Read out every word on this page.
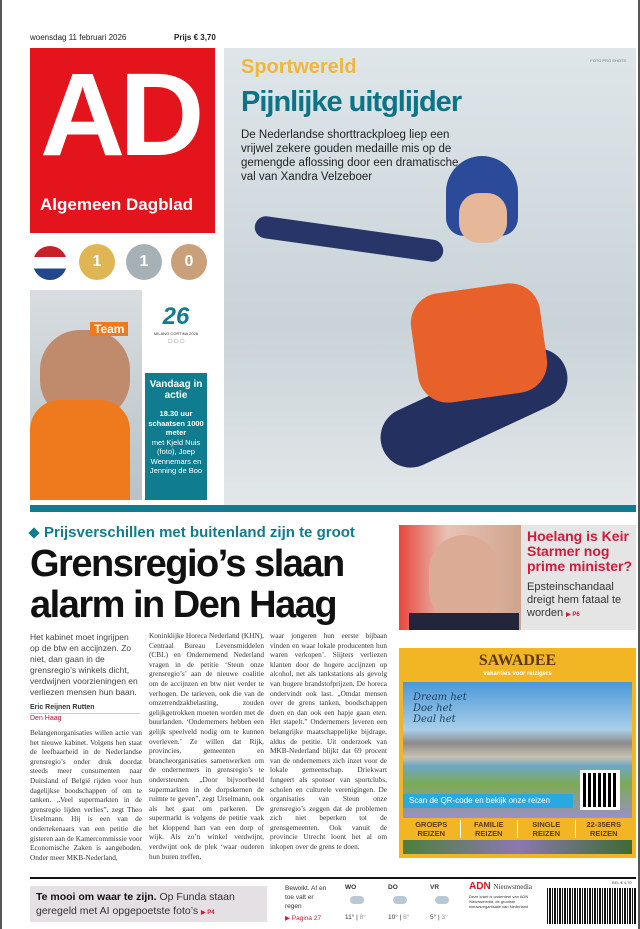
woensdag 11 februari 2026	Prijs € 3,70
AD
Algemeen Dagblad
Sportwereld
Pijnlijke uitglijder
De Nederlandse shorttrackploeg liep een vrijwel zekere gouden medaille mis op de gemengde aflossing door een dramatische val van Xandra Velzeboer
FOTO PRO SHOTS
1	1	0
Team	26
MILANO CORTINA 2026
○○○
Vandaag in actie
18.30 uur
schaatsen 1000 meter
met Kjeld Nuis (foto), Joep Wennemars en Jenning de Boo
Prijsverschillen met buitenland zijn te groot
Grensregio’s slaan alarm in Den Haag
Het kabinet moet ingrijpen op de btw en accijnzen. Zo niet, dan gaan in de grensregio’s winkels dicht, verdwijnen voorzieningen en verliezen mensen hun baan.
Eric Reijnen Rutten
Den Haag
Belangenorganisaties willen actie van het nieuwe kabinet. Volgens hen staat de leefbaarheid in de Nederlandse grensregio’s onder druk doordat steeds meer consumenten naar Duitsland of België rijden voor hun dagelijkse boodschappen of om te tanken. „Veel supermarkten in de grensregio lijden verlies”, zegt Theo Urselmann. Hij is een van de ondertekenaars van een petitie die gisteren aan de Kamercommissie voor Economische Zaken is aangeboden. Onder meer MKB-Nederland,
Koninklijke Horeca Nederland (KHN), Centraal Bureau Levensmiddelen (CBL) en Ondernemend Nederland vragen in de petitie ‘Steun onze grensregio’s’ aan de nieuwe coalitie om de accijnzen en btw niet verder te verhogen. De tarieven, ook die van de omzetrendzakbelasting, zouden gelijkgetrokken moeten worden met de buurlanden. ‘Ondernemers hebben een gelijk speelveld nodig om te kunnen overleven.’ Ze willen dat Rijk, provincies, gemeenten en brancheorganisaties samenwerken om de ondernemers in grensregio’s te ondersteunen. „Door bijvoorbeeld supermarkten in de dorpskernen de ruimte te geven”, zegt Urselmann, ook als het gaat om parkeren. De supermarkt is volgens de petitie vaak het kloppend hart van een dorp of wijk. Als zo’n winkel verdwijnt, verdwijnt ook de plek ‘waar ouderen hun buren treffen,
waar jongeren hun eerste bijbaan vinden en waar lokale producenten hun waren verkopen’. Slijters verliezen klanten door de hogere accijnzen op alcohol, net als tankstations als gevolg van hogere brandstofprijzen. De horeca ondervindt ook last. „Omdat mensen over de grens tanken, boodschappen doen en dan ook een hapje gaan eten. Het stapelt.” Ondernemers leveren een belangrijke maatschappelijke bijdrage, aldus de petitie. Uit onderzoek van MKB-Nederland blijkt dat 69 procent van de ondernemers zich inzet voor de lokale gemeenschap. Driekwart fungeert als sponsor van sportclubs, scholen en culturele verenigingen. De organisaties van Steun onze grensregio’s zeggen dat de problemen zich niet beperken tot de grensgemeenten. Ook vanuit de provincie Utrecht loont het al om inkopen over de grens te doen.
Hoelang is Keir Starmer nog prime minister?
Epsteinschandaal dreigt hem fataal te worden ▶ P6
SAWADEE
vakanties voor reizigers
Dream het
Doe het
Deal het
Scan de QR-code en bekijk onze reizen
GROEPS
REIZEN
FAMILIE
REIZEN
SINGLE
REIZEN
22-35ERS
REIZEN
Te mooi om waar te zijn. Op Funda staan geregeld met AI opgepoetste foto’s ▶ P4
Bewolkt. Af en toe valt er regen
▶ Pagina 27
WO
11° | 8°
DO
10° | 8°
VR
5° | 3°
ADN Nieuwsmedia
Deze krant is onderdeel van ADN Nieuwsmedia, de grootste nieuwsorganisatie van Nederland
BEL € 4,70
